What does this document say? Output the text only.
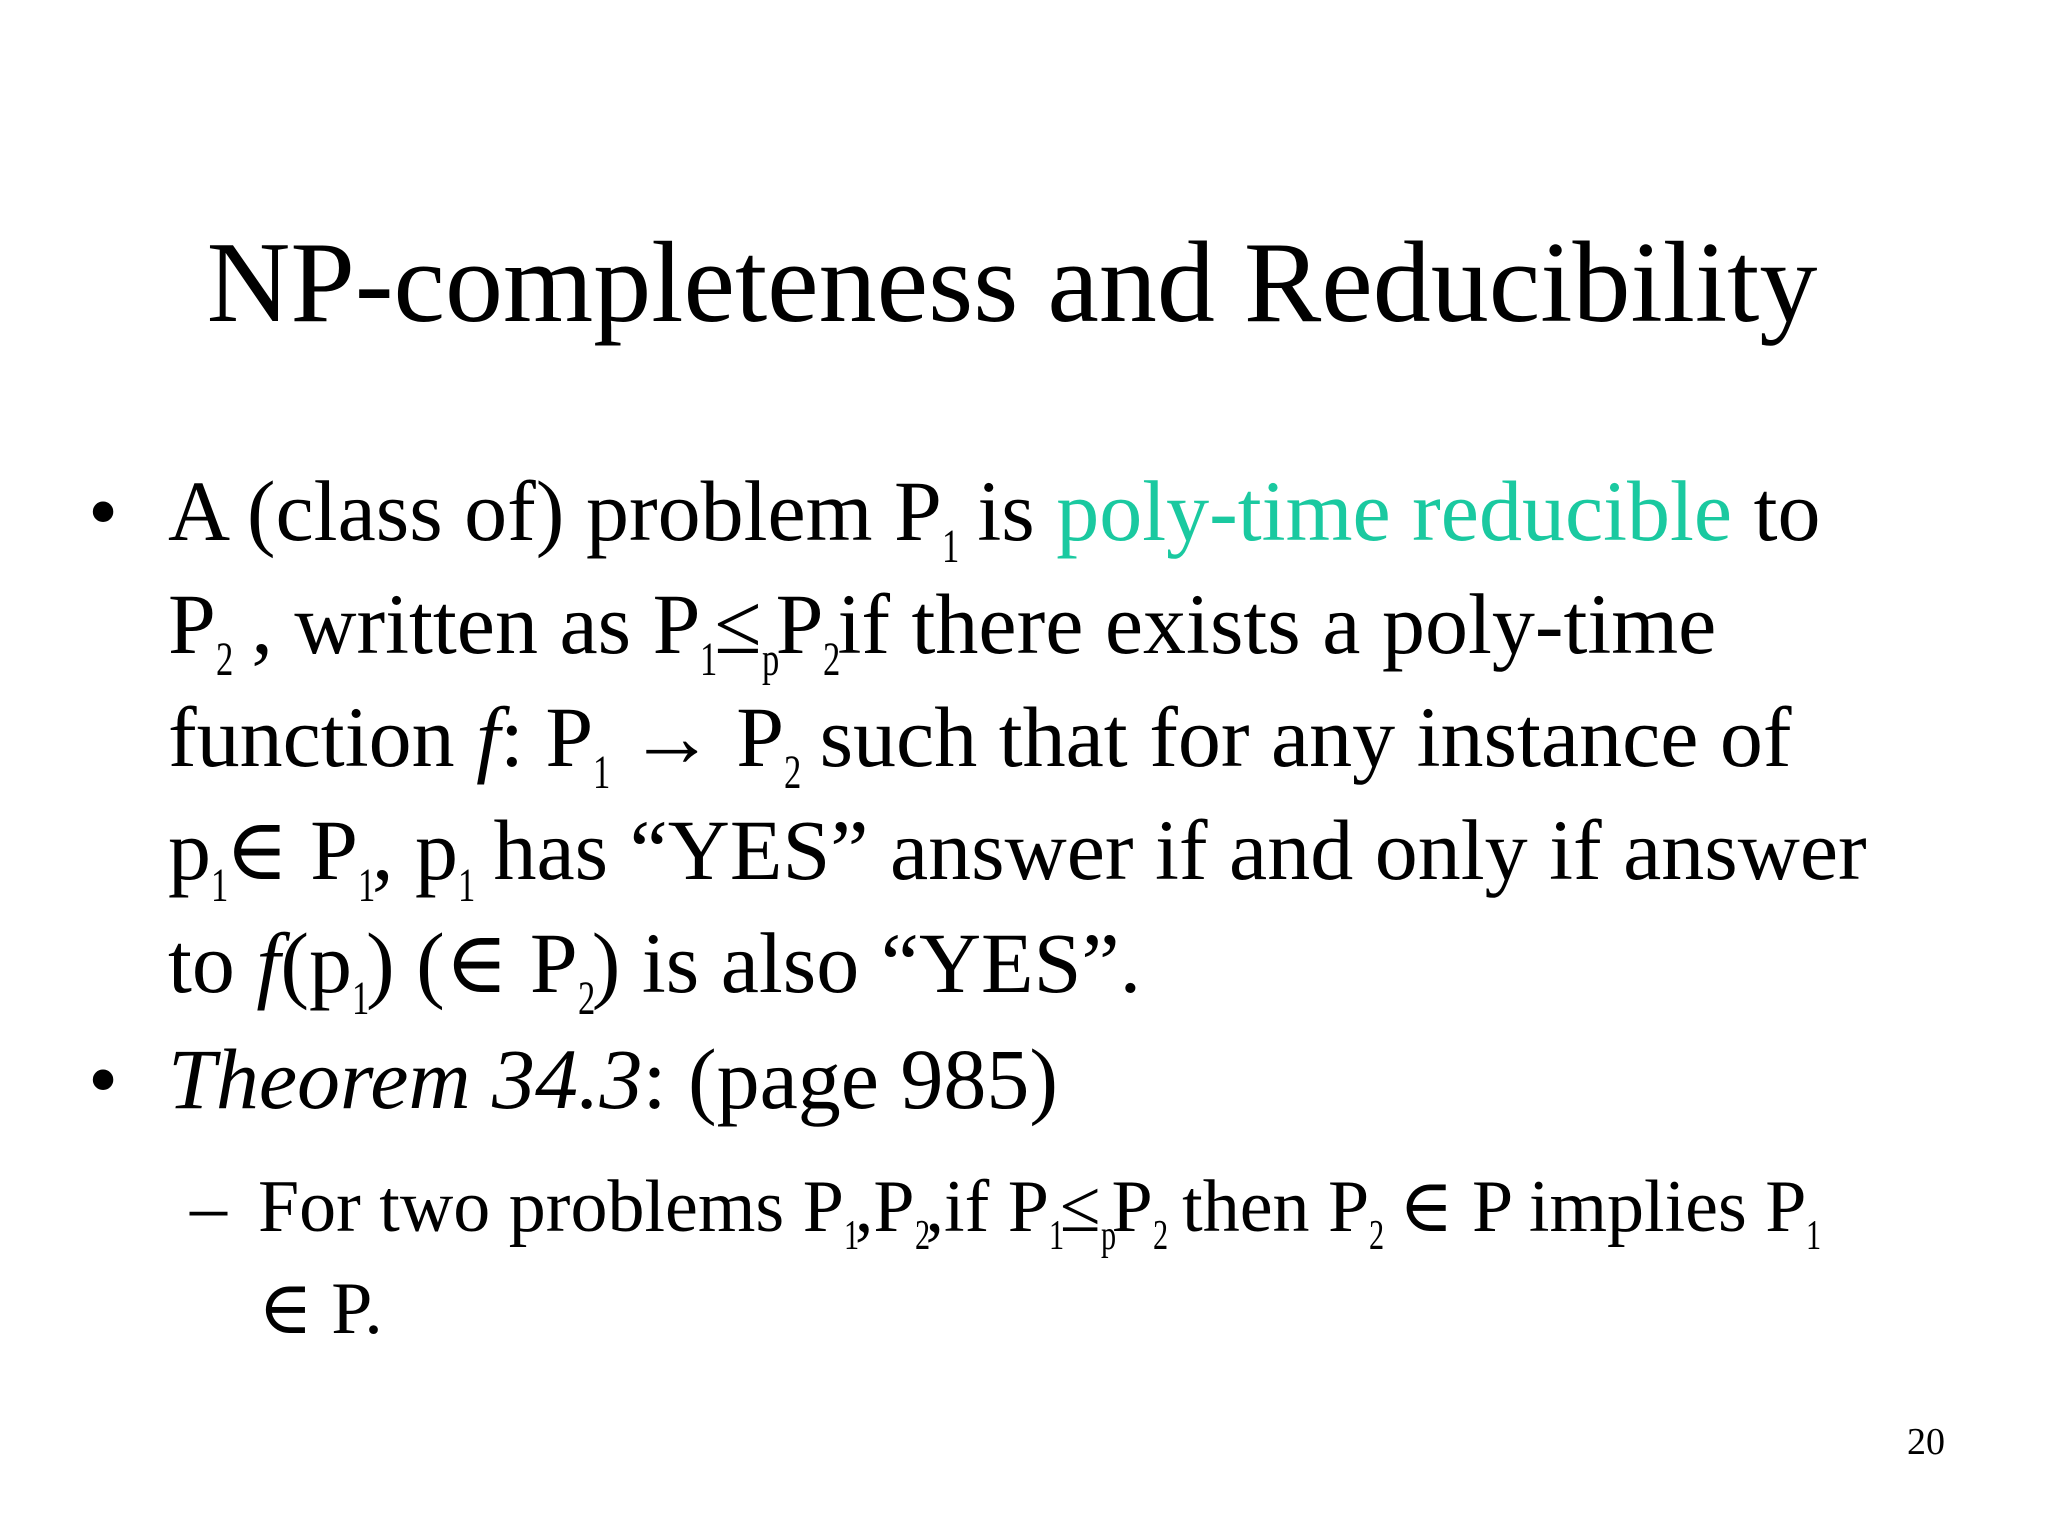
NP-completeness and Reducibility
• A (class of) problem P1 is poly-time reducible to
P2 , written as P1≤pP2if there exists a poly-time
function f: P1 → P2 such that for any instance of
p1∈ P1, p1 has “YES” answer if and only if answer
to f(p1) (∈ P2) is also “YES”.
• Theorem 34.3: (page 985)
– For two problems P1,P2,if P1≤pP2 then P2 ∈ P implies P1
∈ P.
20
